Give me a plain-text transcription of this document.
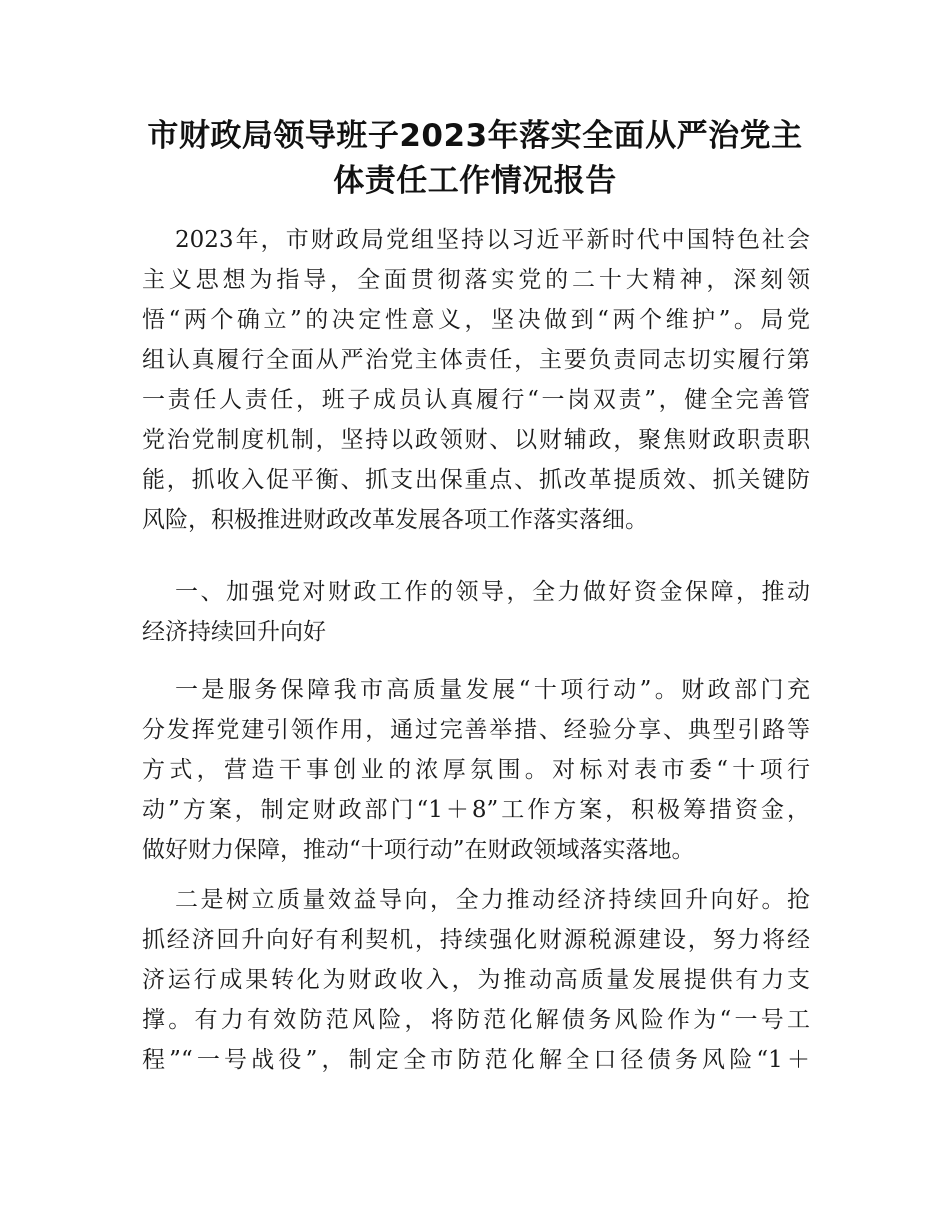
市财政局领导班子2023年落实全面从严治党主
体责任工作情况报告
2023年，市财政局党组坚持以习近平新时代中国特色社会
主义思想为指导，全面贯彻落实党的二十大精神，深刻领
悟“两个确立”的决定性意义，坚决做到“两个维护”。局党
组认真履行全面从严治党主体责任，主要负责同志切实履行第
一责任人责任，班子成员认真履行“一岗双责”，健全完善管
党治党制度机制，坚持以政领财、以财辅政，聚焦财政职责职
能，抓收入促平衡、抓支出保重点、抓改革提质效、抓关键防
风险，积极推进财政改革发展各项工作落实落细。
一、加强党对财政工作的领导，全力做好资金保障，推动
经济持续回升向好
一是服务保障我市高质量发展“十项行动”。财政部门充
分发挥党建引领作用，通过完善举措、经验分享、典型引路等
方式，营造干事创业的浓厚氛围。对标对表市委“十项行
动”方案，制定财政部门“1＋8”工作方案，积极筹措资金，
做好财力保障，推动“十项行动”在财政领域落实落地。
二是树立质量效益导向，全力推动经济持续回升向好。抢
抓经济回升向好有利契机，持续强化财源税源建设，努力将经
济运行成果转化为财政收入，为推动高质量发展提供有力支
撑。有力有效防范风险，将防范化解债务风险作为“一号工
程”“一号战役”，制定全市防范化解全口径债务风险“1＋
